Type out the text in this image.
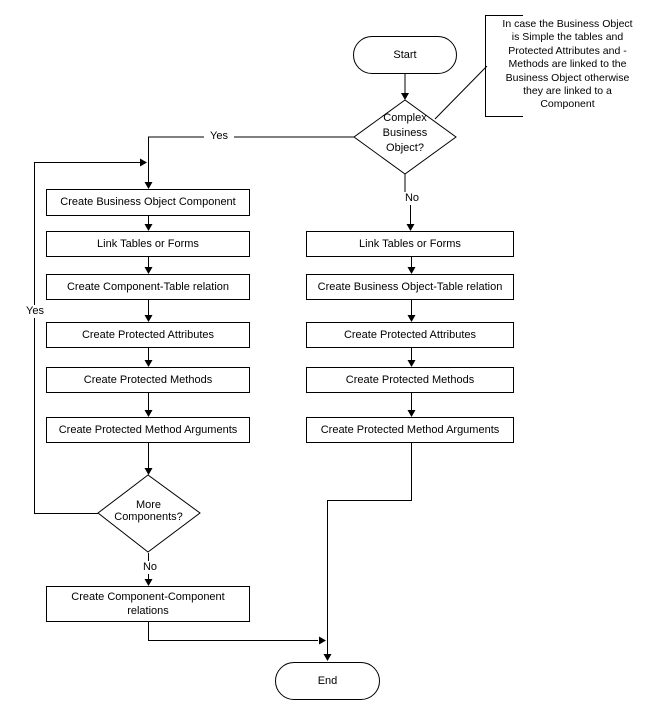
Start
End
Complex
Business
Object?
More
Components?
Create Business Object Component
Link Tables or Forms
Create Component-Table relation
Create Protected Attributes
Create Protected Methods
Create Protected Method Arguments
Create Component-Component relations
Link Tables or Forms
Create Business Object-Table relation
Create Protected Attributes
Create Protected Methods
Create Protected Method Arguments
Yes
Yes
No
No
In case the Business Object
is Simple the tables and
Protected Attributes and -
Methods are linked to the
Business Object otherwise
they are linked to a
Component
